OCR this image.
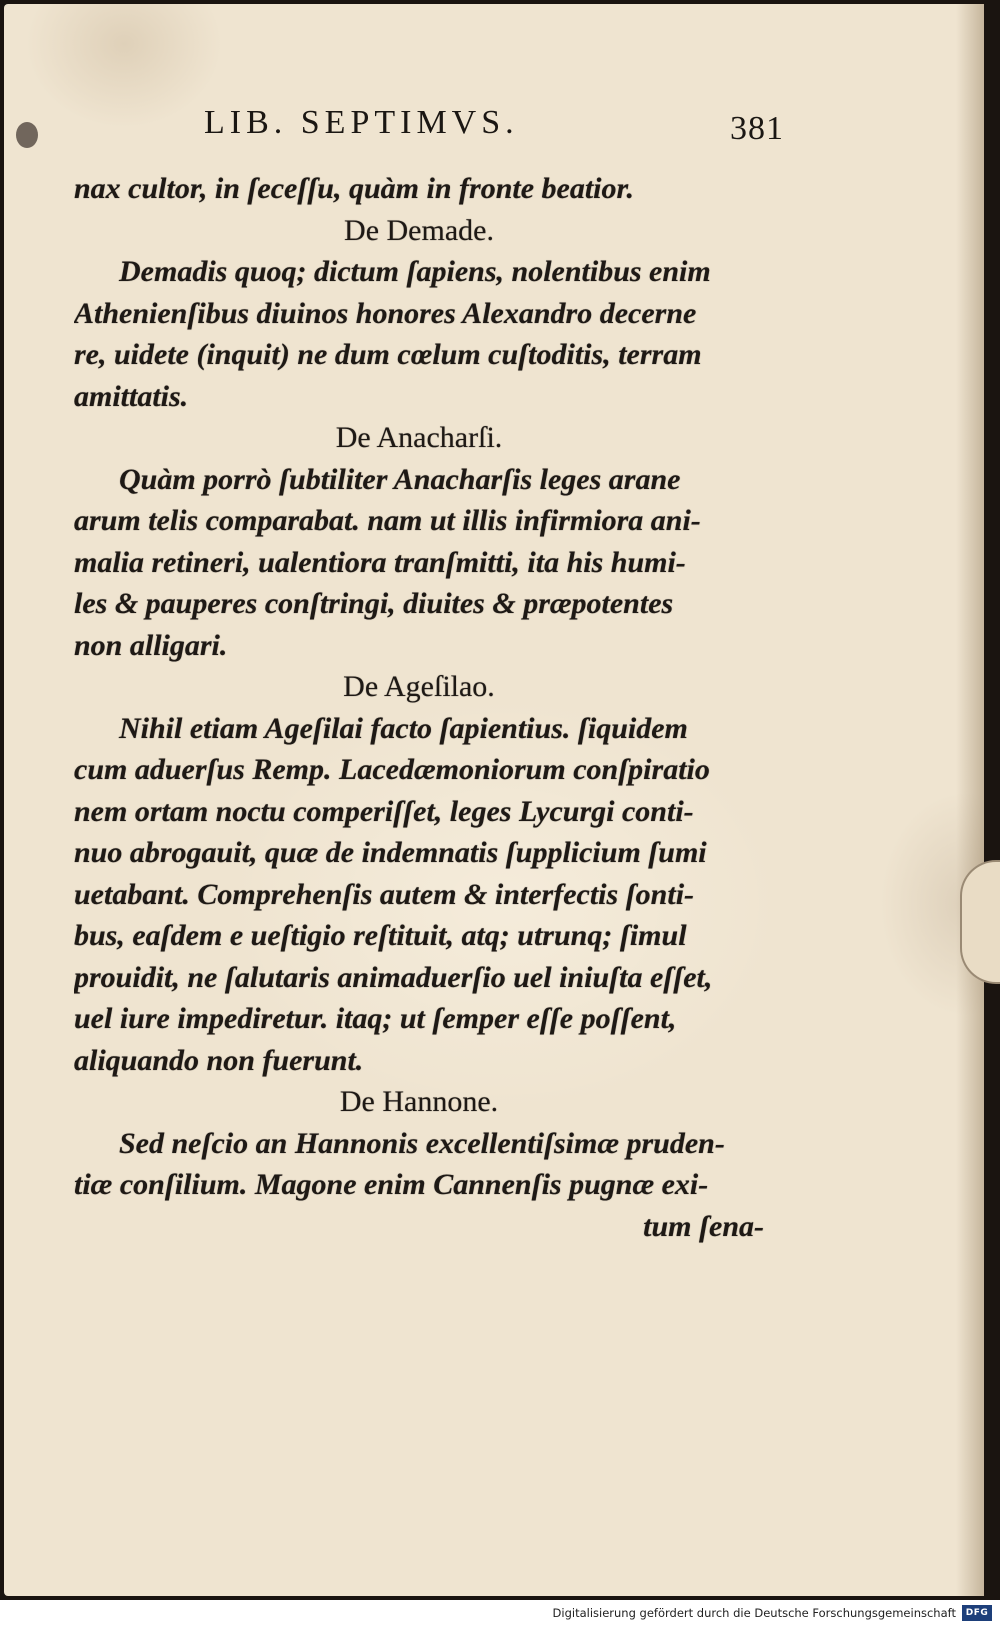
LIB. SEPTIMVS.	381
nax cultor, in ſeceſſu, quàm in fronte beatior.
De Demade.
Demadis quoq; dictum ſapiens, nolentibus enim
Athenienſibus diuinos honores Alexandro decerne
re, uidete (inquit) ne dum cœlum cuſtoditis, terram
amittatis.
De Anacharſi.
Quàm porrò ſubtiliter Anacharſis leges arane
arum telis comparabat. nam ut illis infirmiora ani-
malia retineri, ualentiora tranſmitti, ita his humi-
les & pauperes conſtringi, diuites & præpotentes
non alligari.
De Ageſilao.
Nihil etiam Ageſilai facto ſapientius. ſiquidem
cum aduerſus Remp. Lacedæmoniorum conſpiratio
nem ortam noctu comperiſſet, leges Lycurgi conti-
nuo abrogauit, quæ de indemnatis ſupplicium ſumi
uetabant. Comprehenſis autem & interfectis ſonti-
bus, eaſdem e ueſtigio reſtituit, atq; utrunq; ſimul
prouidit, ne ſalutaris animaduerſio uel iniuſta eſſet,
uel iure impediretur. itaq; ut ſemper eſſe poſſent,
aliquando non fuerunt.
De Hannone.
Sed neſcio an Hannonis excellentiſsimæ pruden-
tiæ conſilium. Magone enim Cannenſis pugnæ exi-
tum ſena-
Digitalisierung gefördert durch die Deutsche Forschungsgemeinschaft	DFG
